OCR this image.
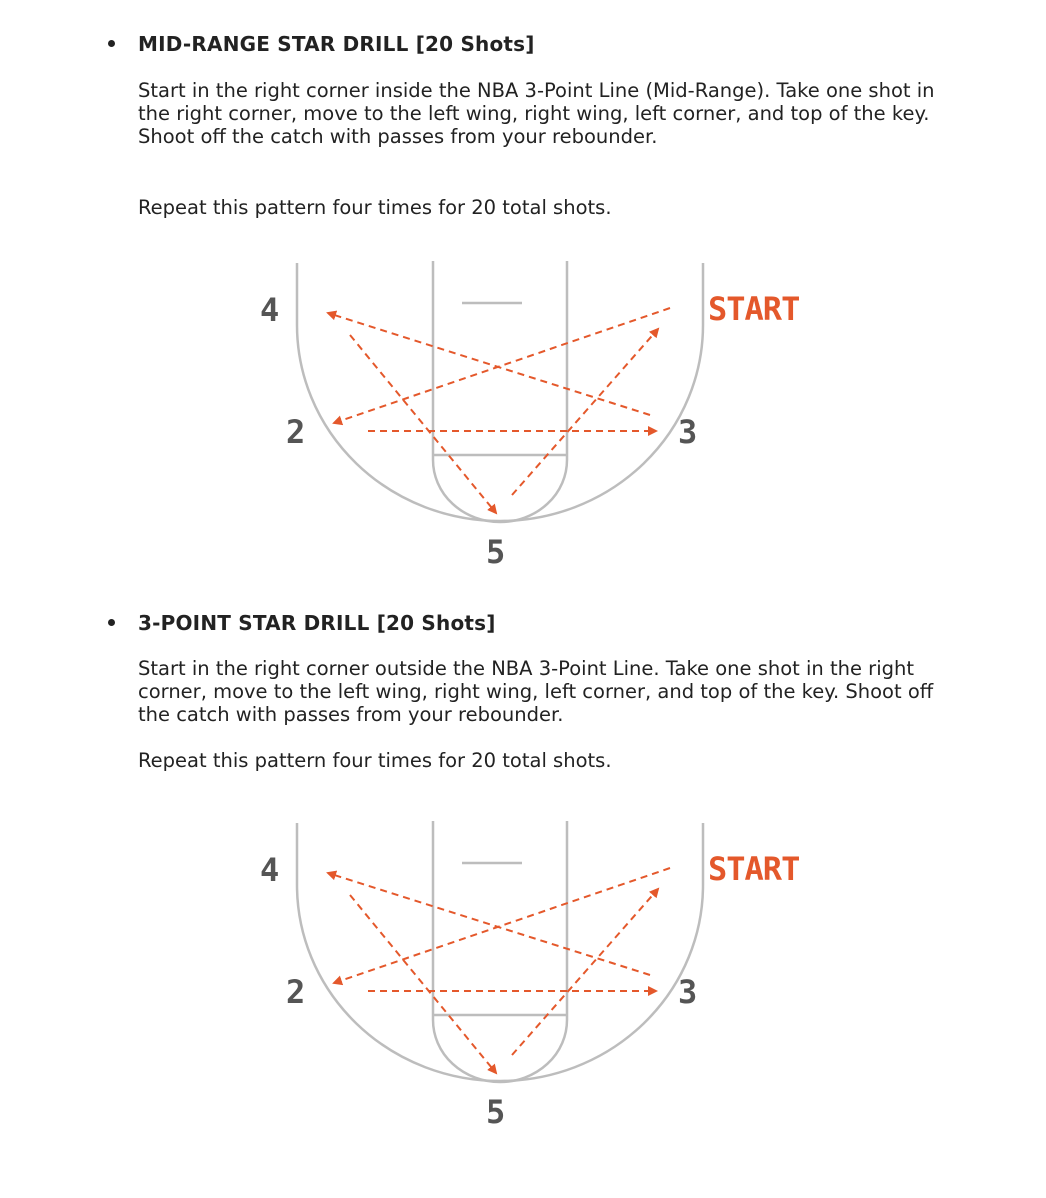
MID-RANGE STAR DRILL [20 Shots]

Start in the right corner inside the NBA 3-Point Line (Mid-Range). Take one shot in the right corner, move to the left wing, right wing, left corner, and top of the key. Shoot off the catch with passes from your rebounder.

Repeat this pattern four times for 20 total shots.

START
4
2	3
5
3-POINT STAR DRILL [20 Shots]

Start in the right corner outside the NBA 3-Point Line. Take one shot in the right corner, move to the left wing, right wing, left corner, and top of the key. Shoot off the catch with passes from your rebounder.

Repeat this pattern four times for 20 total shots.

START
4
2	3
5
